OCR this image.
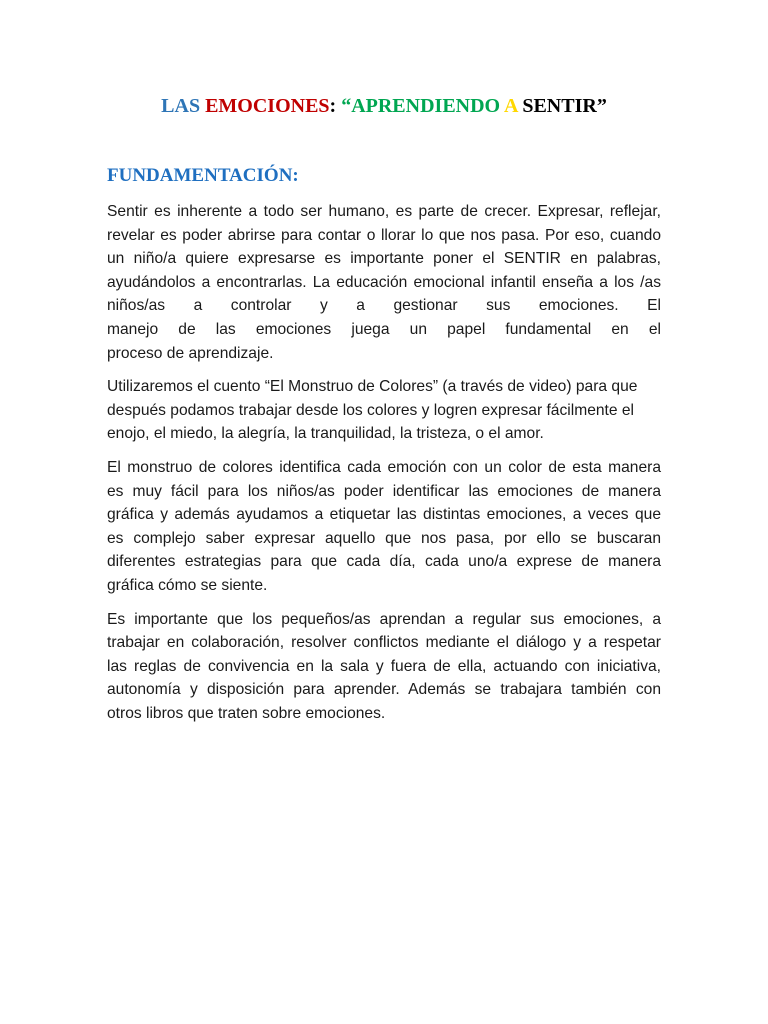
LAS EMOCIONES: “APRENDIENDO A SENTIR”
FUNDAMENTACIÓN:

Sentir es inherente a todo ser humano, es parte de crecer. Expresar, reflejar,
revelar es poder abrirse para contar o llorar lo que nos pasa. Por eso, cuando
un niño/a quiere expresarse es importante poner el SENTIR en palabras,
ayudándolos a encontrarlas. La educación emocional infantil enseña a los /as
niños/as a controlar y a gestionar sus emociones. El
manejo de las emociones juega un papel fundamental en el
proceso de aprendizaje.

Utilizaremos el cuento “El Monstruo de Colores” (a través de video) para que
después podamos trabajar desde los colores y logren expresar fácilmente el
enojo, el miedo, la alegría, la tranquilidad, la tristeza, o el amor.

El monstruo de colores identifica cada emoción con un color de esta manera
es muy fácil para los niños/as poder identificar las emociones de manera
gráfica y además ayudamos a etiquetar las distintas emociones, a veces que
es complejo saber expresar aquello que nos pasa, por ello se buscaran
diferentes estrategias para que cada día, cada uno/a exprese de manera
gráfica cómo se siente.

Es importante que los pequeños/as aprendan a regular sus emociones, a
trabajar en colaboración, resolver conflictos mediante el diálogo y a respetar
las reglas de convivencia en la sala y fuera de ella, actuando con iniciativa,
autonomía y disposición para aprender. Además se trabajara también con
otros libros que traten sobre emociones.
